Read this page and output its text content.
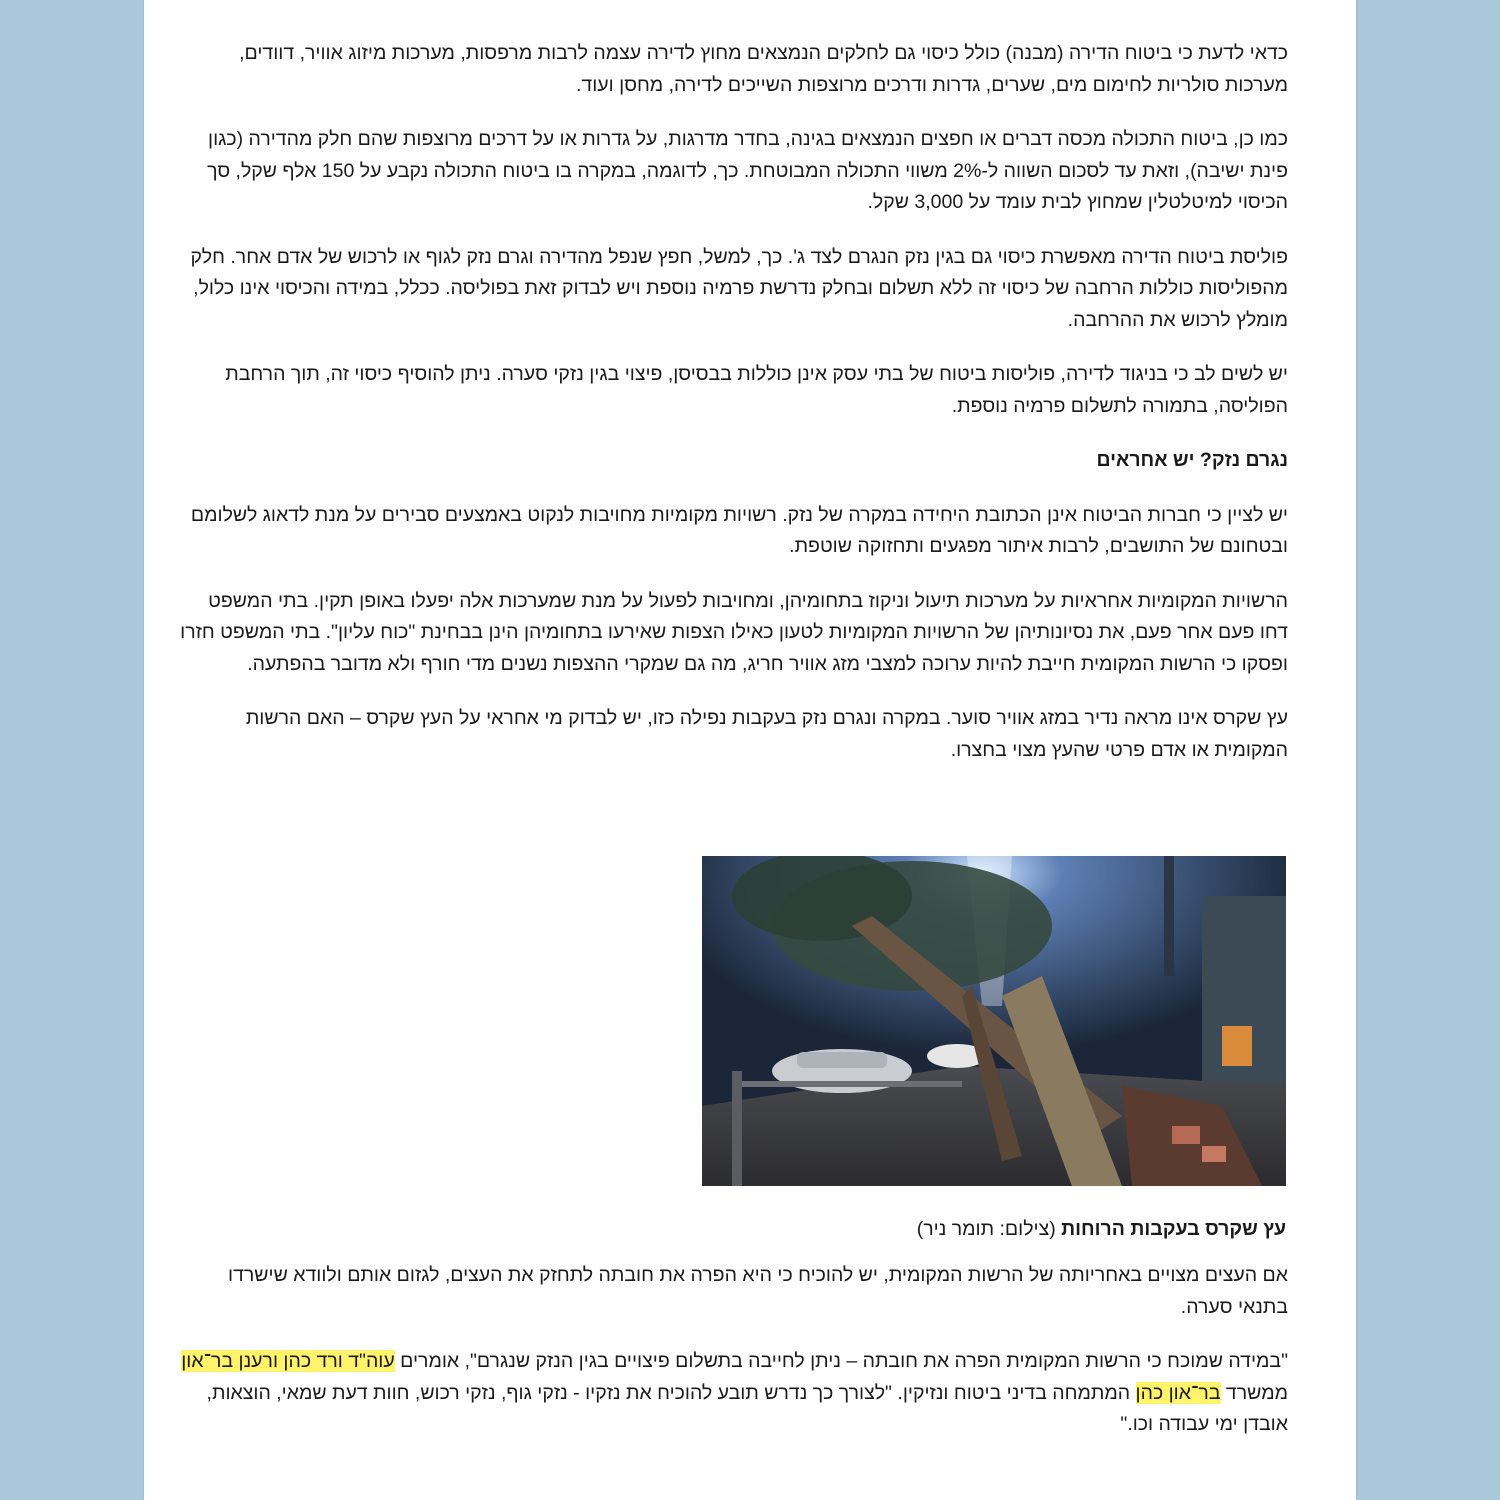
כדאי לדעת כי ביטוח הדירה (מבנה) כולל כיסוי גם לחלקים הנמצאים מחוץ לדירה עצמה לרבות מרפסות, מערכות מיזוג אוויר, דוודים, מערכות סולריות לחימום מים, שערים, גדרות ודרכים מרוצפות השייכים לדירה, מחסן ועוד.

כמו כן, ביטוח התכולה מכסה דברים או חפצים הנמצאים בגינה, בחדר מדרגות, על גדרות או על דרכים מרוצפות שהם חלק מהדירה (כגון פינת ישיבה), וזאת עד לסכום השווה ל-2% משווי התכולה המבוטחת. כך, לדוגמה, במקרה בו ביטוח התכולה נקבע על 150 אלף שקל, סך הכיסוי למיטלטלין שמחוץ לבית עומד על 3,000 שקל.

פוליסת ביטוח הדירה מאפשרת כיסוי גם בגין נזק הנגרם לצד ג'. כך, למשל, חפץ שנפל מהדירה וגרם נזק לגוף או לרכוש של אדם אחר. חלק מהפוליסות כוללות הרחבה של כיסוי זה ללא תשלום ובחלק נדרשת פרמיה נוספת ויש לבדוק זאת בפוליסה. ככלל, במידה והכיסוי אינו כלול, מומלץ לרכוש את ההרחבה.

יש לשים לב כי בניגוד לדירה, פוליסות ביטוח של בתי עסק אינן כוללות בבסיסן, פיצוי בגין נזקי סערה. ניתן להוסיף כיסוי זה, תוך הרחבת הפוליסה, בתמורה לתשלום פרמיה נוספת.

נגרם נזק? יש אחראים

יש לציין כי חברות הביטוח אינן הכתובת היחידה במקרה של נזק. רשויות מקומיות מחויבות לנקוט באמצעים סבירים על מנת לדאוג לשלומם ובטחונם של התושבים, לרבות איתור מפגעים ותחזוקה שוטפת.

הרשויות המקומיות אחראיות על מערכות תיעול וניקוז בתחומיהן, ומחויבות לפעול על מנת שמערכות אלה יפעלו באופן תקין. בתי המשפט דחו פעם אחר פעם, את נסיונותיהן של הרשויות המקומיות לטעון כאילו הצפות שאירעו בתחומיהן הינן בבחינת "כוח עליון". בתי המשפט חזרו ופסקו כי הרשות המקומית חייבת להיות ערוכה למצבי מזג אוויר חריג, מה גם שמקרי ההצפות נשנים מדי חורף ולא מדובר בהפתעה.

עץ שקרס אינו מראה נדיר במזג אוויר סוער. במקרה ונגרם נזק בעקבות נפילה כזו, יש לבדוק מי אחראי על העץ שקרס – האם הרשות המקומית או אדם פרטי שהעץ מצוי בחצרו.

עץ שקרס בעקבות הרוחות (צילום: תומר ניר)

אם העצים מצויים באחריותה של הרשות המקומית, יש להוכיח כי היא הפרה את חובתה לתחזק את העצים, לגזום אותם ולוודא שישרדו בתנאי סערה.

"במידה שמוכח כי הרשות המקומית הפרה את חובתה – ניתן לחייבה בתשלום פיצויים בגין הנזק שנגרם", אומרים עוה"ד ורד כהן ורענן בר־און ממשרד בר־און כהן המתמחה בדיני ביטוח ונזיקין. "לצורך כך נדרש תובע להוכיח את נזקיו - נזקי גוף, נזקי רכוש, חוות דעת שמאי, הוצאות, אובדן ימי עבודה וכו."
